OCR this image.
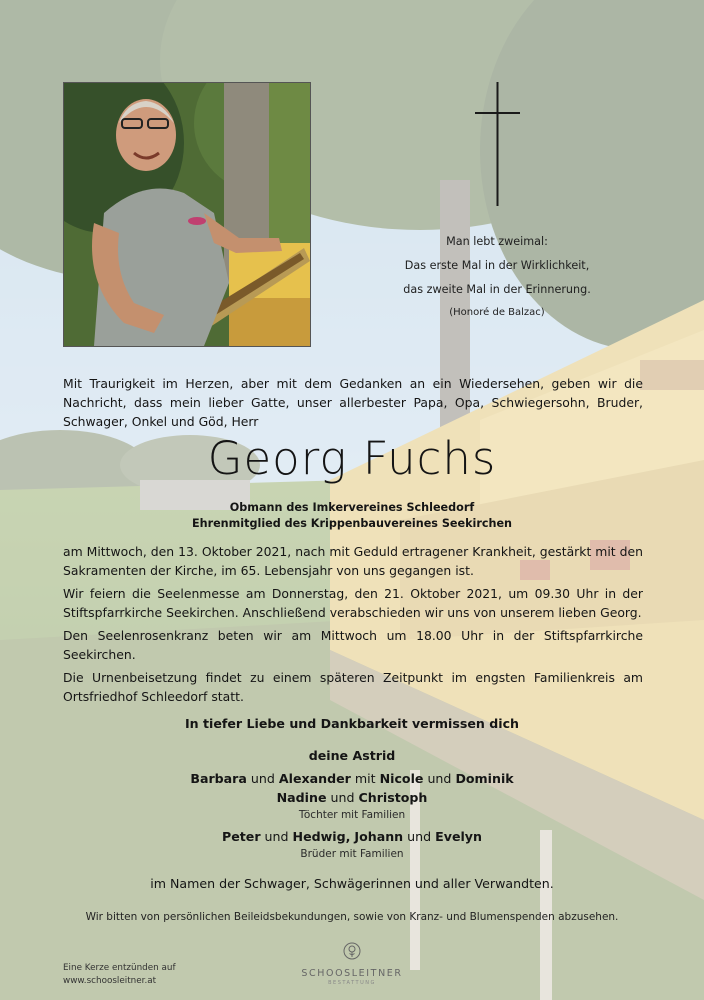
Man lebt zweimal:
Das erste Mal in der Wirklichkeit,
das zweite Mal in der Erinnerung.
(Honoré de Balzac)
Mit Traurigkeit im Herzen, aber mit dem Gedanken an ein Wiedersehen, geben wir die Nachricht, dass mein lieber Gatte, unser allerbester Papa, Opa, Schwiegersohn, Bruder, Schwager, Onkel und Göd, Herr
Georg Fuchs
Obmann des Imkervereines Schleedorf
Ehrenmitglied des Krippenbauvereines Seekirchen

am Mittwoch, den 13. Oktober 2021, nach mit Geduld ertragener Krankheit, gestärkt mit den Sakramenten der Kirche, im 65. Lebensjahr von uns gegangen ist.

Wir feiern die Seelenmesse am Donnerstag, den 21. Oktober 2021, um 09.30 Uhr in der Stiftspfarrkirche Seekirchen. Anschließend verabschieden wir uns von unserem lieben Georg.

Den Seelenrosenkranz beten wir am Mittwoch um 18.00 Uhr in der Stiftspfarrkirche Seekirchen.

Die Urnenbeisetzung findet zu einem späteren Zeitpunkt im engsten Familienkreis am Ortsfriedhof Schleedorf statt.

In tiefer Liebe und Dankbarkeit vermissen dich
deine Astrid
Barbara und Alexander mit Nicole und Dominik
Nadine und Christoph
Töchter mit Familien
Peter und Hedwig, Johann und Evelyn
Brüder mit Familien
im Namen der Schwager, Schwägerinnen und aller Verwandten.
Wir bitten von persönlichen Beileidsbekundungen, sowie von Kranz- und Blumenspenden abzusehen.
Eine Kerze entzünden auf
www.schoosleitner.at
SCHOOSLEITNER
BESTATTUNG
